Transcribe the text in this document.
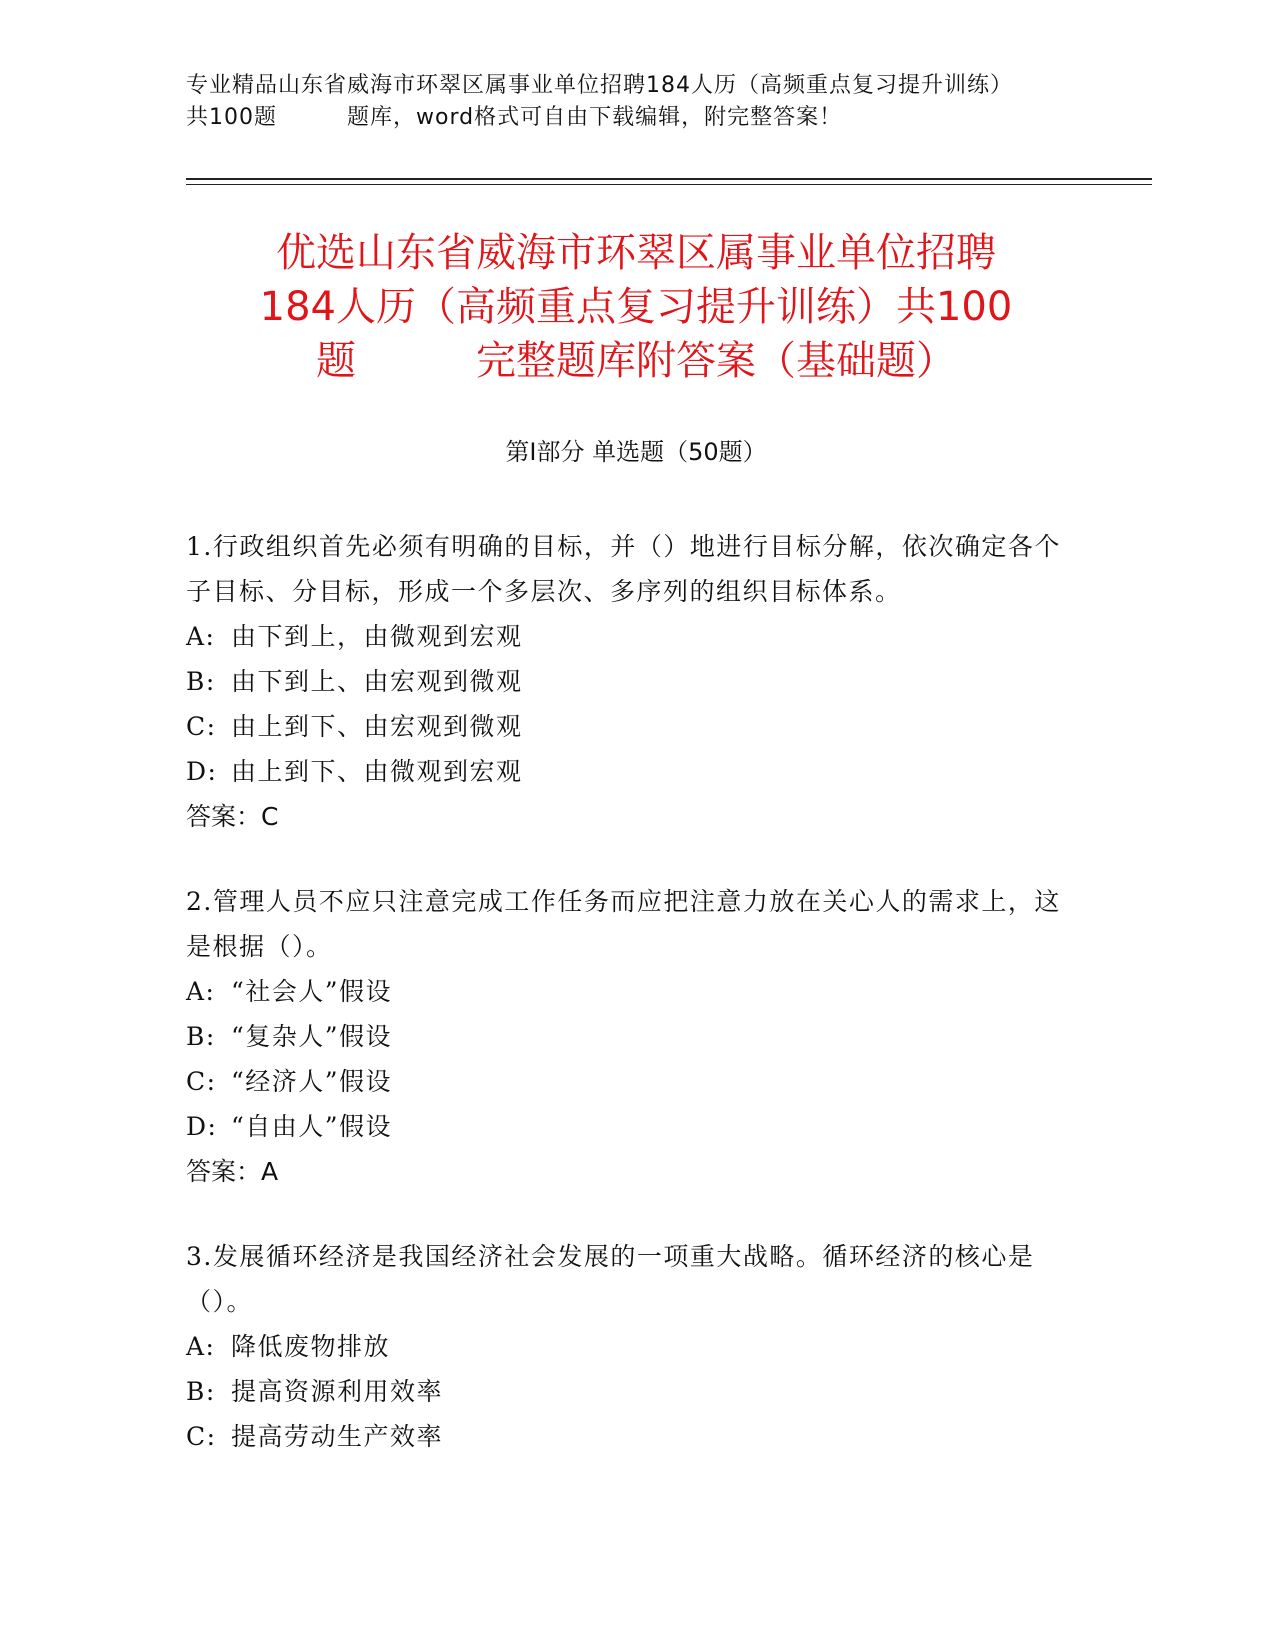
专业精品山东省威海市环翠区属事业单位招聘184人历（高频重点复习提升训练）
共100题	题库，word格式可自由下载编辑，附完整答案！
优选山东省威海市环翠区属事业单位招聘
184人历（高频重点复习提升训练）共100
题	完整题库附答案（基础题）
第Ⅰ部分 单选题（50题）

1.行政组织首先必须有明确的目标，并（）地进行目标分解，依次确定各个子目标、分目标，形成一个多层次、多序列的组织目标体系。

A: 由下到上，由微观到宏观

B: 由下到上、由宏观到微观

C: 由上到下、由宏观到微观

D: 由上到下、由微观到宏观

答案：C

2.管理人员不应只注意完成工作任务而应把注意力放在关心人的需求上，这是根据（）。

A: “社会人”假设

B: “复杂人”假设

C: “经济人”假设

D: “自由人”假设

答案：A

3.发展循环经济是我国经济社会发展的一项重大战略。循环经济的核心是（）。

A: 降低废物排放

B: 提高资源利用效率

C: 提高劳动生产效率
